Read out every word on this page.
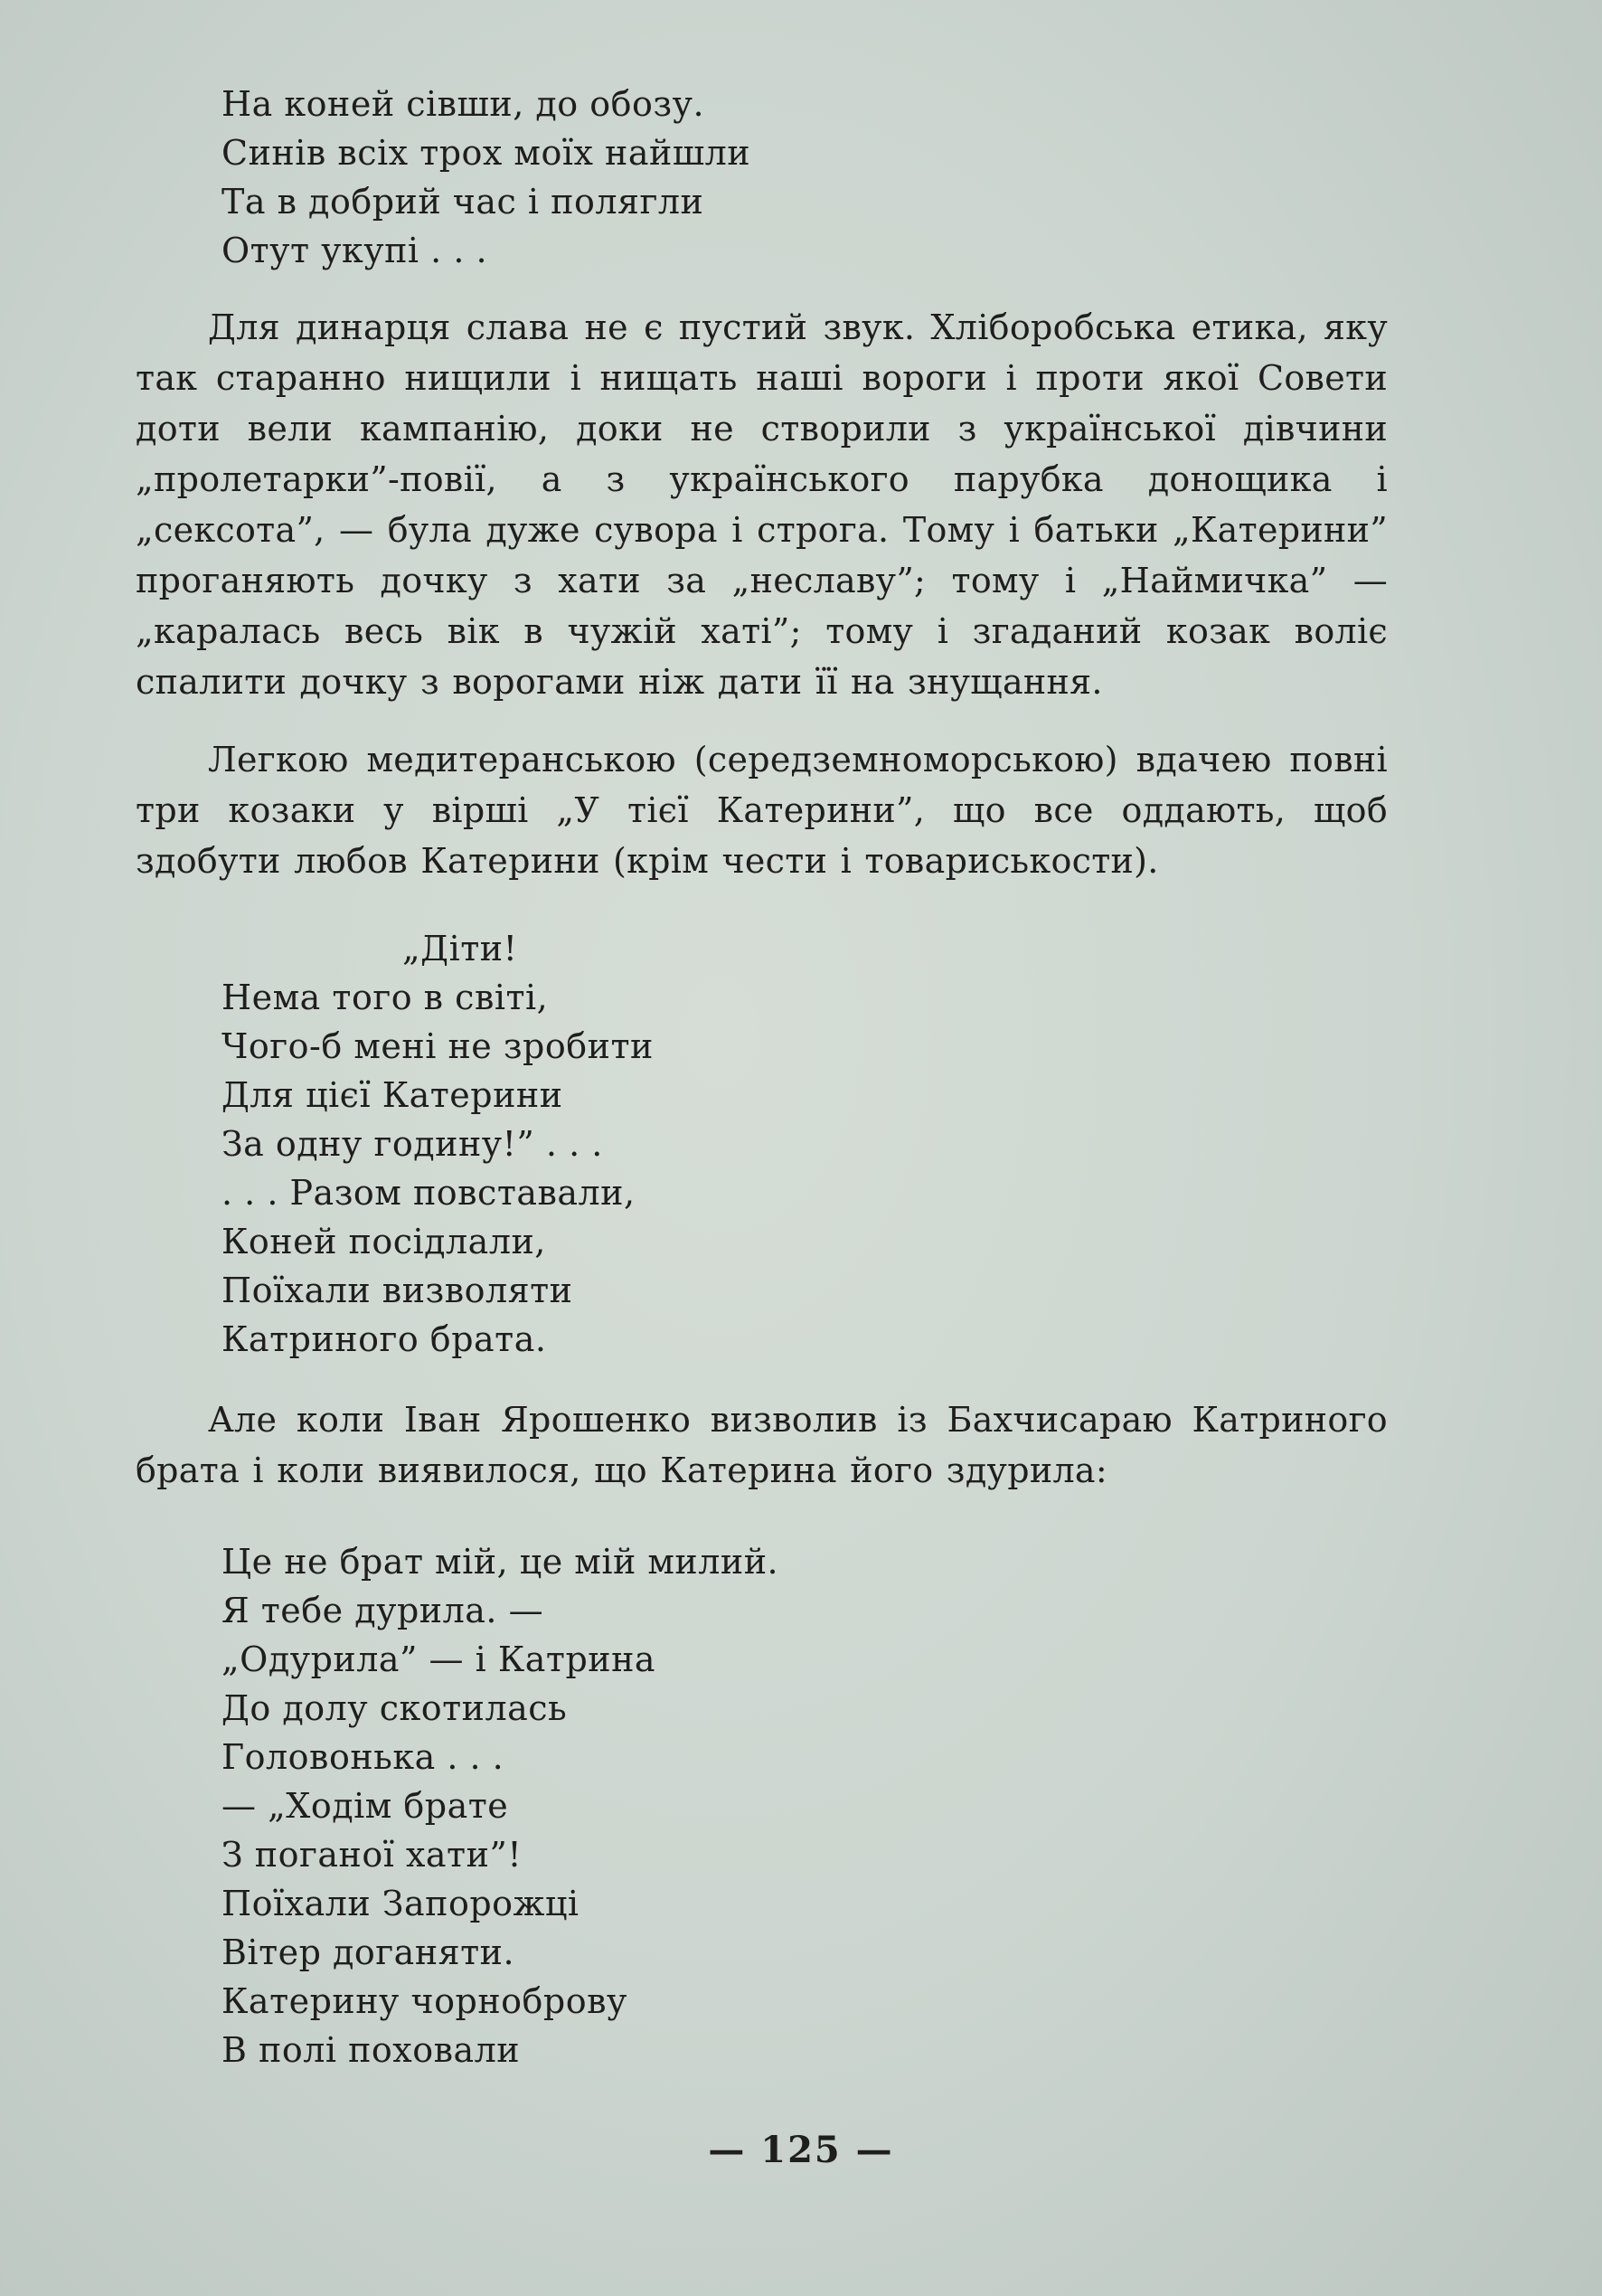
На коней сівши, до обозу.
Синів всіх трох моїх найшли
Та в добрий час і полягли
Отут укупі . . .

Для динарця слава не є пустий звук. Хліборобська етика, яку так старанно нищили і нищать наші вороги і проти якої Совети доти вели кампанію, доки не створили з української дівчини „пролетарки”-повії, а з українського парубка донощика і „сексота”, — була дуже сувора і строга. Тому і батьки „Катерини” проганяють дочку з хати за „неславу”; тому і „Наймичка” — „каралась весь вік в чужій хаті”; тому і згаданий козак воліє спалити дочку з ворогами ніж дати її на знущання.

Легкою медитеранською (середземноморською) вдачею повні три козаки у вірші „У тієї Катерини”, що все оддають, щоб здобути любов Катерини (крім чести і товариськости).

„Діти!
Нема того в світі,
Чого-б мені не зробити
Для цієї Катерини
За одну годину!” . . .
. . . Разом повставали,
Коней посідлали,
Поїхали визволяти
Катриного брата.

Але коли Іван Ярошенко визволив із Бахчисараю Катриного брата і коли виявилося, що Катерина його здурила:

Це не брат мій, це мій милий.
Я тебе дурила. —
„Одурила” — і Катрина
До долу скотилась
Головонька . . .
— „Ходім брате
З поганої хати”!
Поїхали Запорожці
Вітер доганяти.
Катерину чорноброву
В полі поховали
— 125 —
